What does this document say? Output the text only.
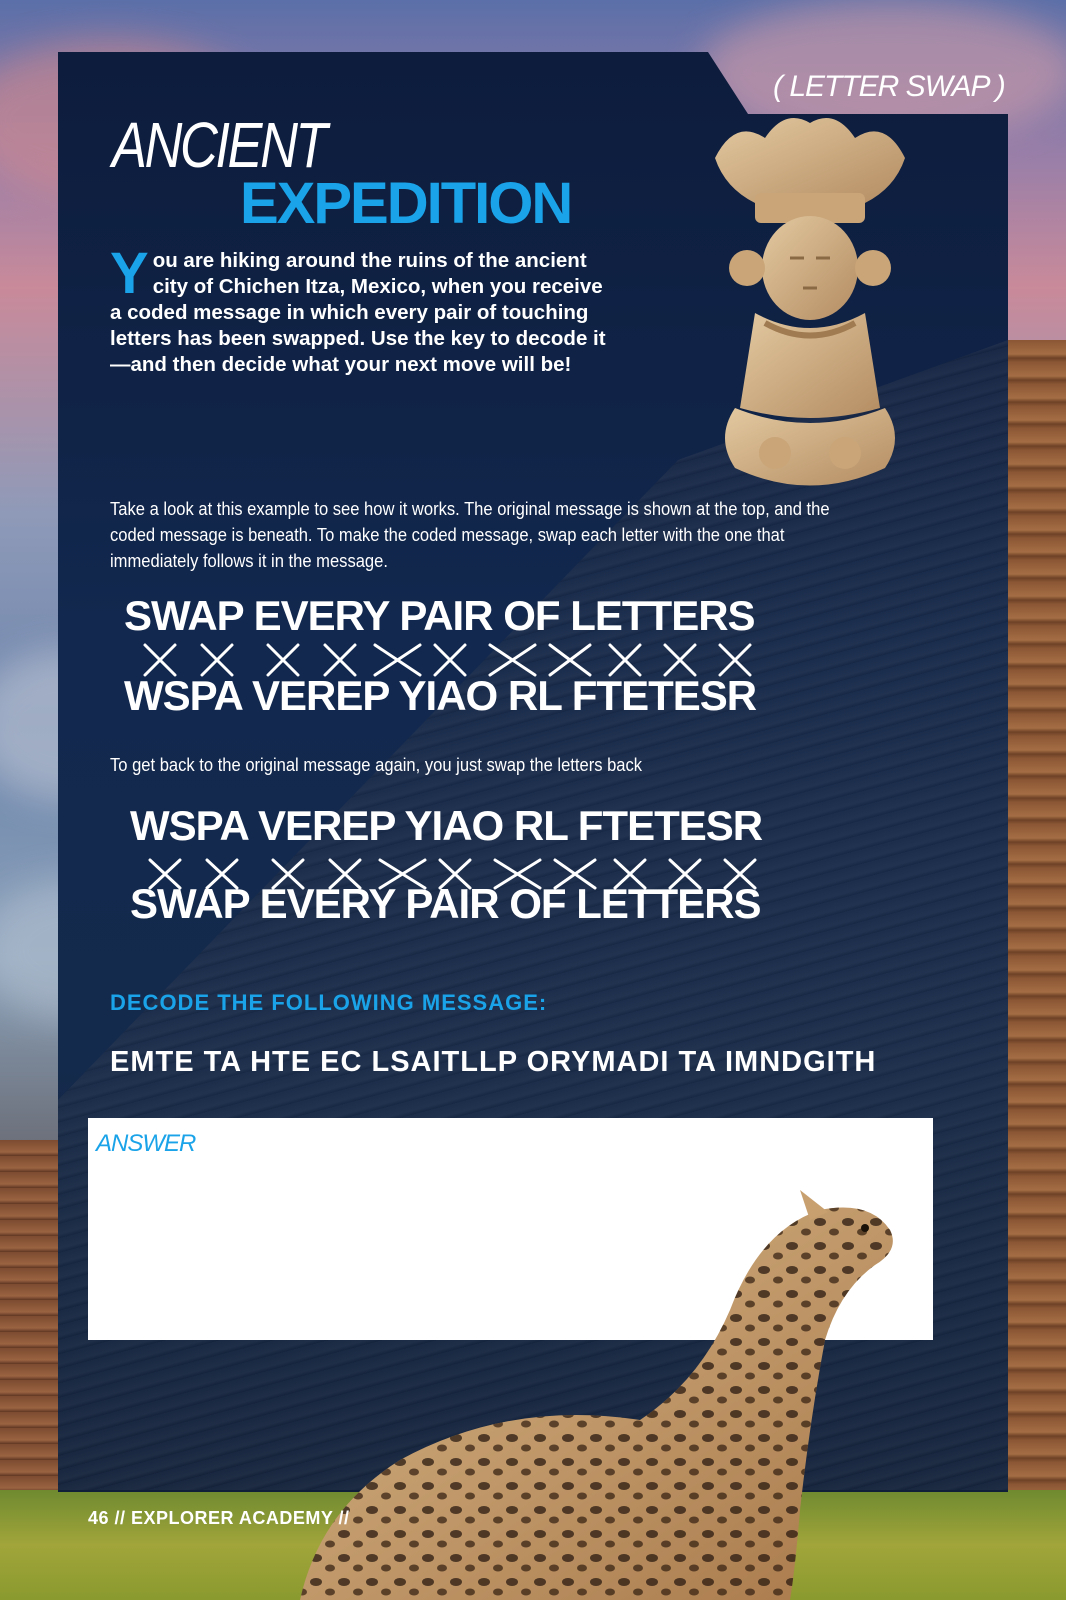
( LETTER SWAP )
ANCIENT
EXPEDITION
You are hiking around the ruins of the ancient city of Chichen Itza, Mexico, when you receive a coded message in which every pair of touching letters has been swapped. Use the key to decode it—and then decide what your next move will be!
Take a look at this example to see how it works. The original message is shown at the top, and the coded message is beneath. To make the coded message, swap each letter with the one that immediately follows it in the message.
SWAP EVERY PAIR OF LETTERS
WSPA VEREP YIAO RL FTETESR
To get back to the original message again, you just swap the letters back
WSPA VEREP YIAO RL FTETESR
SWAP EVERY PAIR OF LETTERS
DECODE THE FOLLOWING MESSAGE:
EMTE TA HTE EC LSAITLLP ORYMADI TA IMNDGITH
ANSWER
46 // EXPLORER ACADEMY //
